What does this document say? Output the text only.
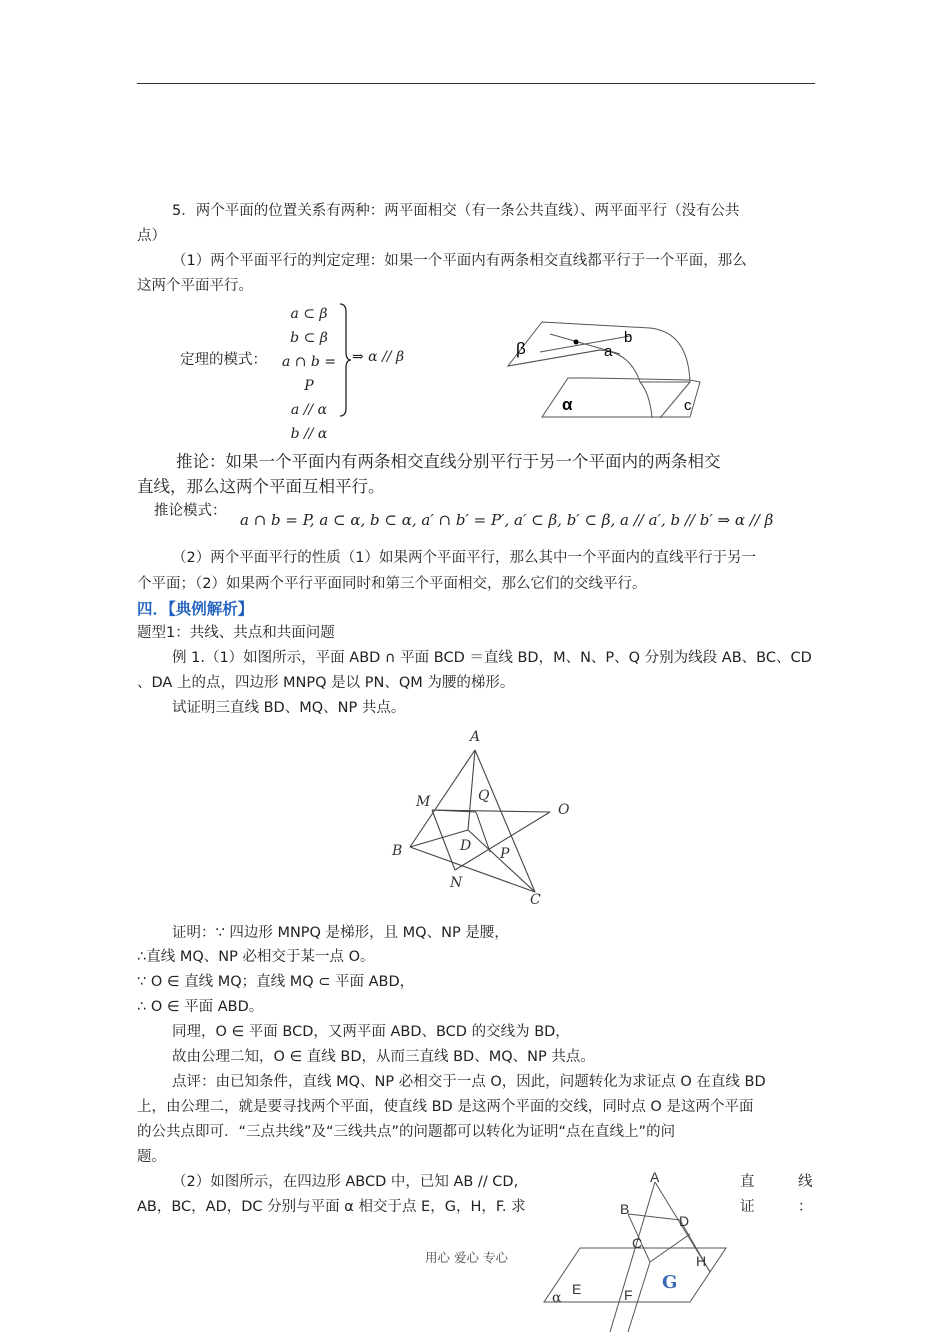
5．两个平面的位置关系有两种：两平面相交（有一条公共直线）、两平面平行（没有公共
点）
（1）两个平面平行的判定定理：如果一个平面内有两条相交直线都平行于一个平面，那么
这两个平面平行。
定理的模式：
a ⊂ β
b ⊂ β
a ∩ b = P
a // α
b // α
⇒ α // β	β	a
b
α	c
推论：如果一个平面内有两条相交直线分别平行于另一个平面内的两条相交
直线，那么这两个平面互相平行。
推论模式： a ∩ b = P, a ⊂ α, b ⊂ α, a′ ∩ b′ = P′, a′ ⊂ β, b′ ⊂ β, a // a′, b // b′ ⇒ α // β
（2）两个平面平行的性质（1）如果两个平面平行，那么其中一个平面内的直线平行于另一
个平面；（2）如果两个平行平面同时和第三个平面相交，那么它们的交线平行。
四．【典例解析】
题型1：共线、共点和共面问题
例 1.（1）如图所示，平面 ABD ∩ 平面 BCD ＝直线 BD，M、N、P、Q 分别为线段 AB、BC、CD
、DA 上的点，四边形 MNPQ 是以 PN、QM 为腰的梯形。
试证明三直线 BD、MQ、NP 共点。
A
M	Q
O
B	D P
N
C
证明：∵ 四边形 MNPQ 是梯形，且 MQ、NP 是腰，
∴直线 MQ、NP 必相交于某一点 O。
∵ O ∈ 直线 MQ；直线 MQ ⊂ 平面 ABD，
∴ O ∈ 平面 ABD。
同理，O ∈ 平面 BCD，又两平面 ABD、BCD 的交线为 BD，
故由公理二知，O ∈ 直线 BD，从而三直线 BD、MQ、NP 共点。
点评：由已知条件，直线 MQ、NP 必相交于一点 O，因此，问题转化为求证点 O 在直线 BD
上，由公理二，就是要寻找两个平面，使直线 BD 是这两个平面的交线，同时点 O 是这两个平面
的公共点即可．“三点共线”及“三线共点”的问题都可以转化为证明“点在直线上”的问
题。
（2）如图所示，在四边形 ABCD 中，已知 AB // CD,
AB，BC，AD，DC 分别与平面 α 相交于点 E，G，H，F. 求
直	线
证	：
A
B
D
C
H
E	F
α
G
用心 爱心 专心
